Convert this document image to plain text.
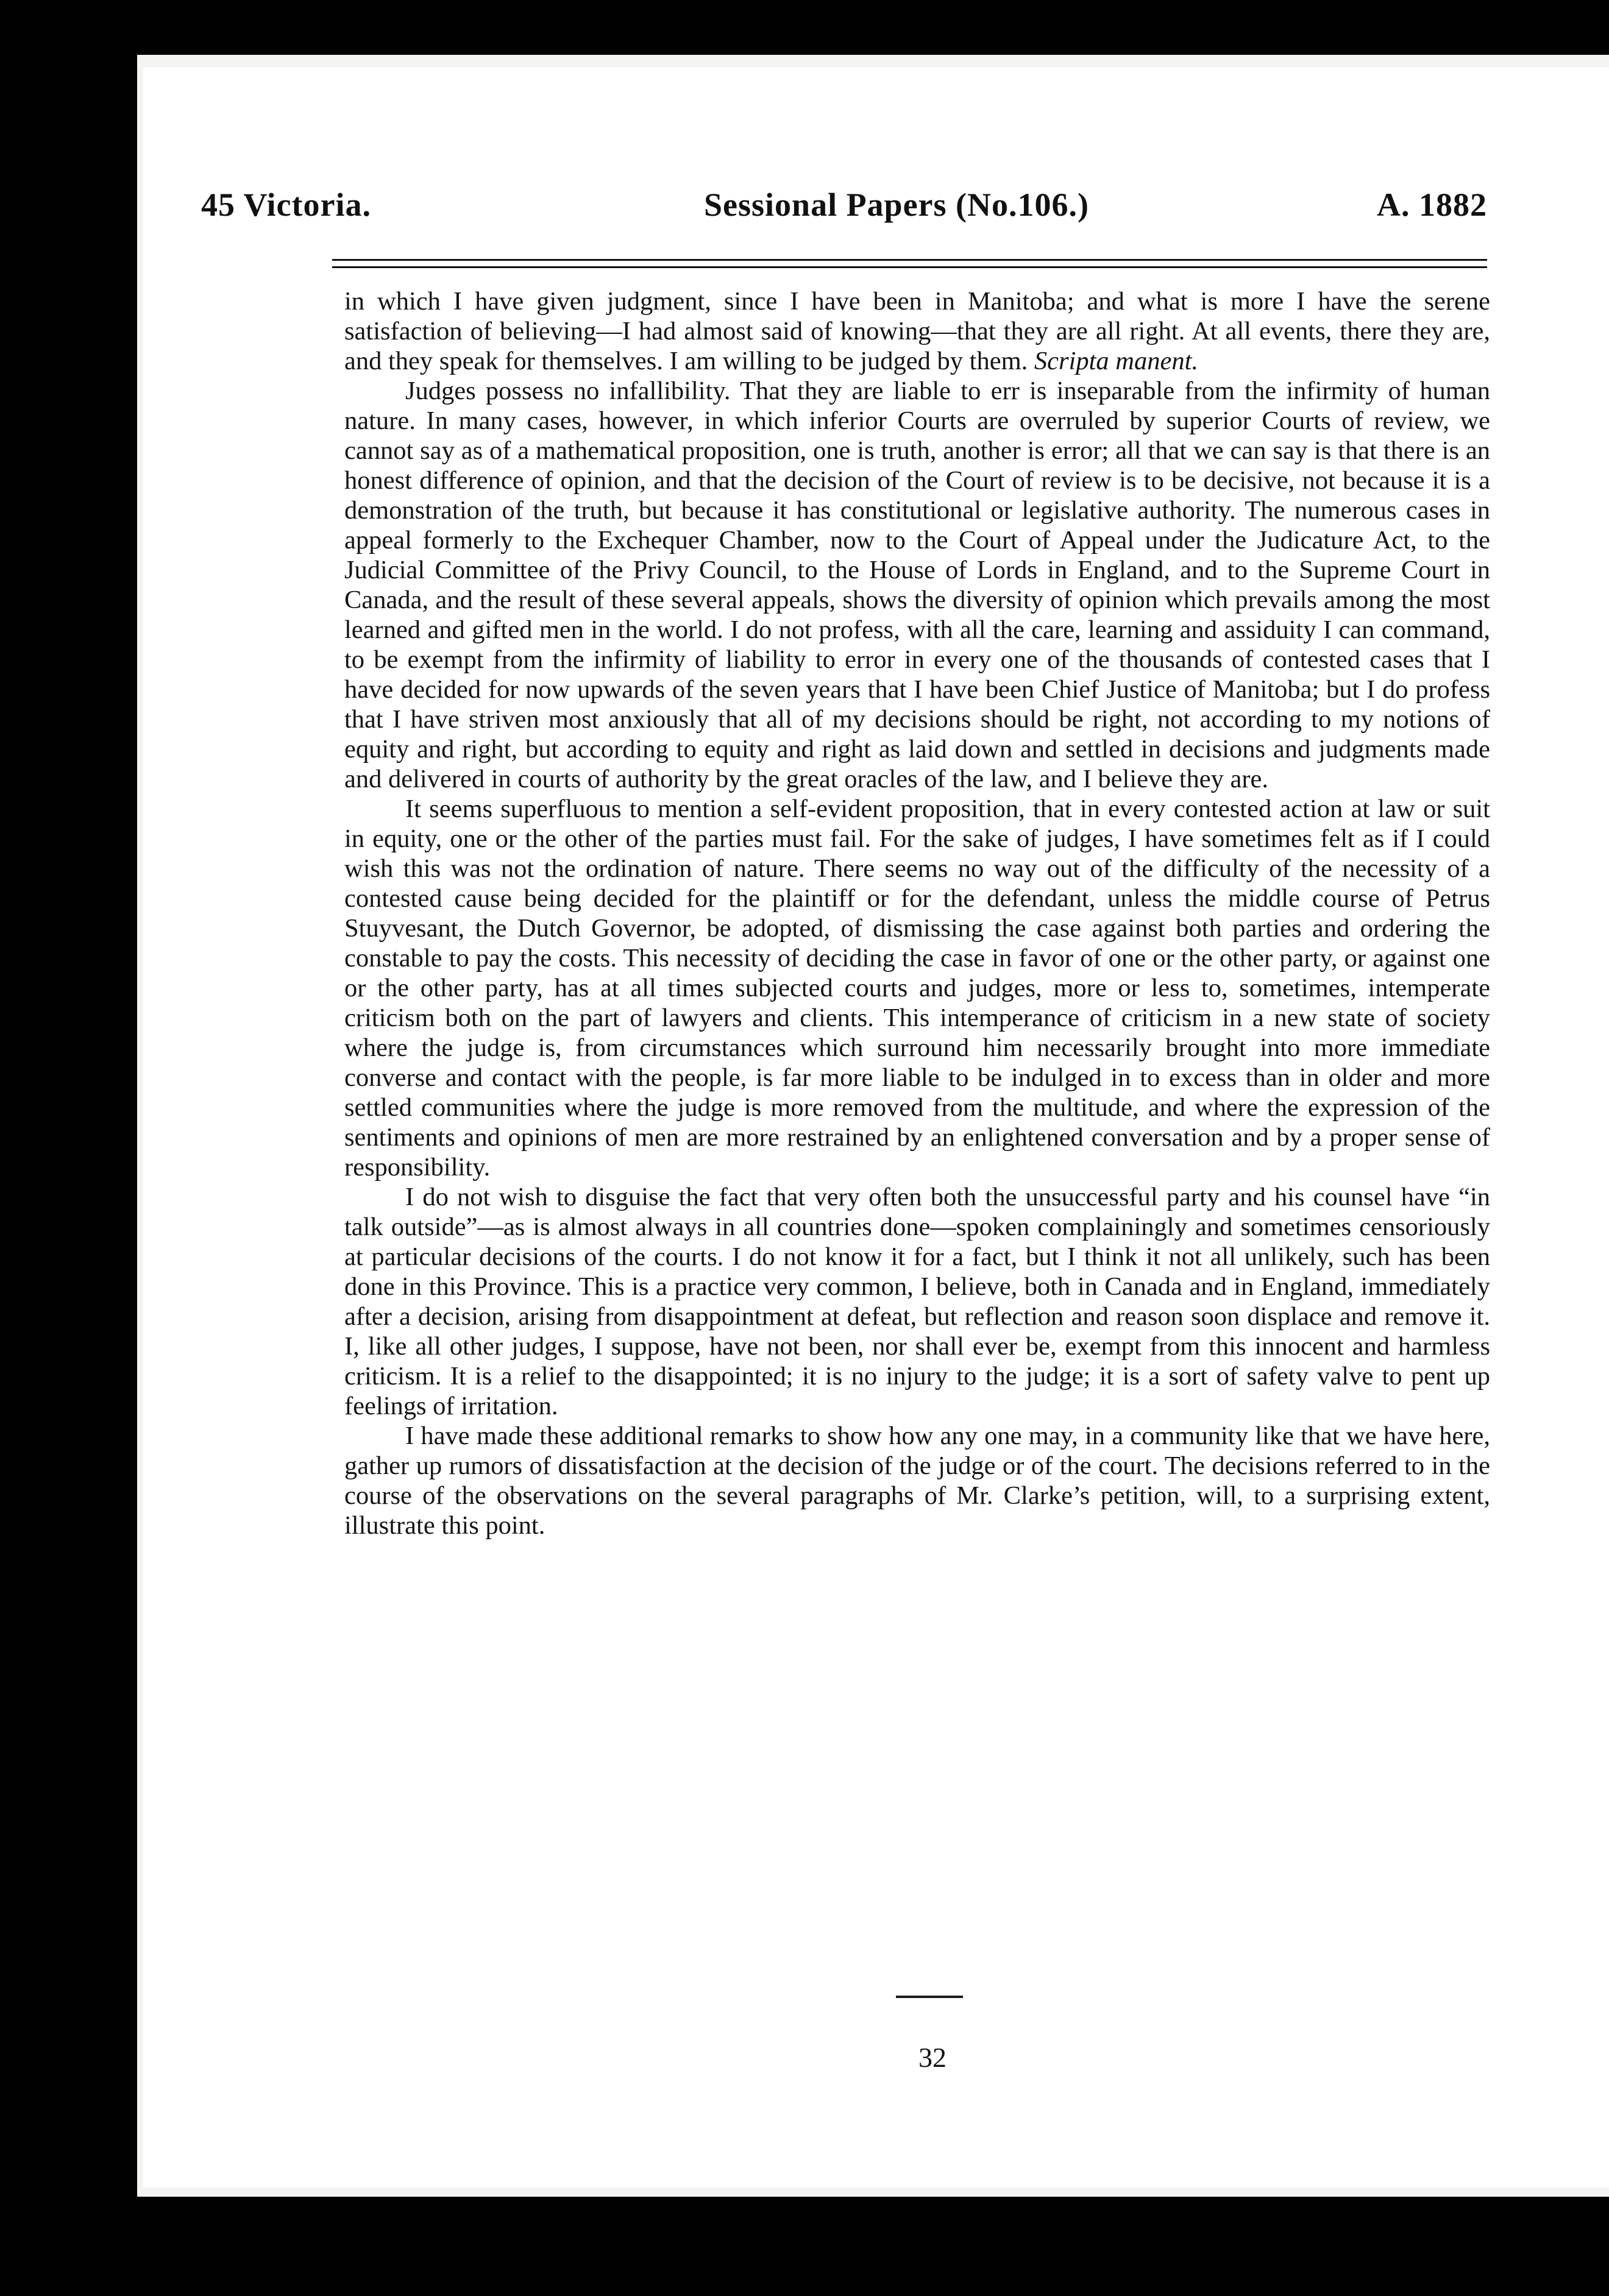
45 Victoria.	Sessional Papers (No.106.)	A. 1882

in which I have given judgment, since I have been in Manitoba; and what is more I have the serene satisfaction of believing—I had almost said of knowing—that they are all right. At all events, there they are, and they speak for themselves. I am willing to be judged by them. Scripta manent.

Judges possess no infallibility. That they are liable to err is inseparable from the infirmity of human nature. In many cases, however, in which inferior Courts are overruled by superior Courts of review, we cannot say as of a mathematical proposition, one is truth, another is error; all that we can say is that there is an honest difference of opinion, and that the decision of the Court of review is to be decisive, not because it is a demonstration of the truth, but because it has constitutional or legislative authority. The numerous cases in appeal formerly to the Exchequer Chamber, now to the Court of Appeal under the Judicature Act, to the Judicial Committee of the Privy Council, to the House of Lords in England, and to the Supreme Court in Canada, and the result of these several appeals, shows the diversity of opinion which prevails among the most learned and gifted men in the world. I do not profess, with all the care, learning and assiduity I can command, to be exempt from the infirmity of liability to error in every one of the thousands of contested cases that I have decided for now upwards of the seven years that I have been Chief Justice of Manitoba; but I do profess that I have striven most anxiously that all of my decisions should be right, not according to my notions of equity and right, but according to equity and right as laid down and settled in decisions and judgments made and delivered in courts of authority by the great oracles of the law, and I believe they are.

It seems superfluous to mention a self-evident proposition, that in every contested action at law or suit in equity, one or the other of the parties must fail. For the sake of judges, I have sometimes felt as if I could wish this was not the ordination of nature. There seems no way out of the difficulty of the necessity of a contested cause being decided for the plaintiff or for the defendant, unless the middle course of Petrus Stuyvesant, the Dutch Governor, be adopted, of dismissing the case against both parties and ordering the constable to pay the costs. This necessity of deciding the case in favor of one or the other party, or against one or the other party, has at all times subjected courts and judges, more or less to, sometimes, intemperate criticism both on the part of lawyers and clients. This intemperance of criticism in a new state of society where the judge is, from circumstances which surround him necessarily brought into more immediate converse and contact with the people, is far more liable to be indulged in to excess than in older and more settled communities where the judge is more removed from the multitude, and where the expression of the sentiments and opinions of men are more restrained by an enlightened conversation and by a proper sense of responsibility.

I do not wish to disguise the fact that very often both the unsuccessful party and his counsel have “in talk outside”—as is almost always in all countries done—spoken complainingly and sometimes censoriously at particular decisions of the courts. I do not know it for a fact, but I think it not all unlikely, such has been done in this Province. This is a practice very common, I believe, both in Canada and in England, immediately after a decision, arising from disappointment at defeat, but reflection and reason soon displace and remove it. I, like all other judges, I suppose, have not been, nor shall ever be, exempt from this innocent and harmless criticism. It is a relief to the disappointed; it is no injury to the judge; it is a sort of safety valve to pent up feelings of irritation.

I have made these additional remarks to show how any one may, in a community like that we have here, gather up rumors of dissatisfaction at the decision of the judge or of the court. The decisions referred to in the course of the observations on the several paragraphs of Mr. Clarke’s petition, will, to a surprising extent, illustrate this point.

32
